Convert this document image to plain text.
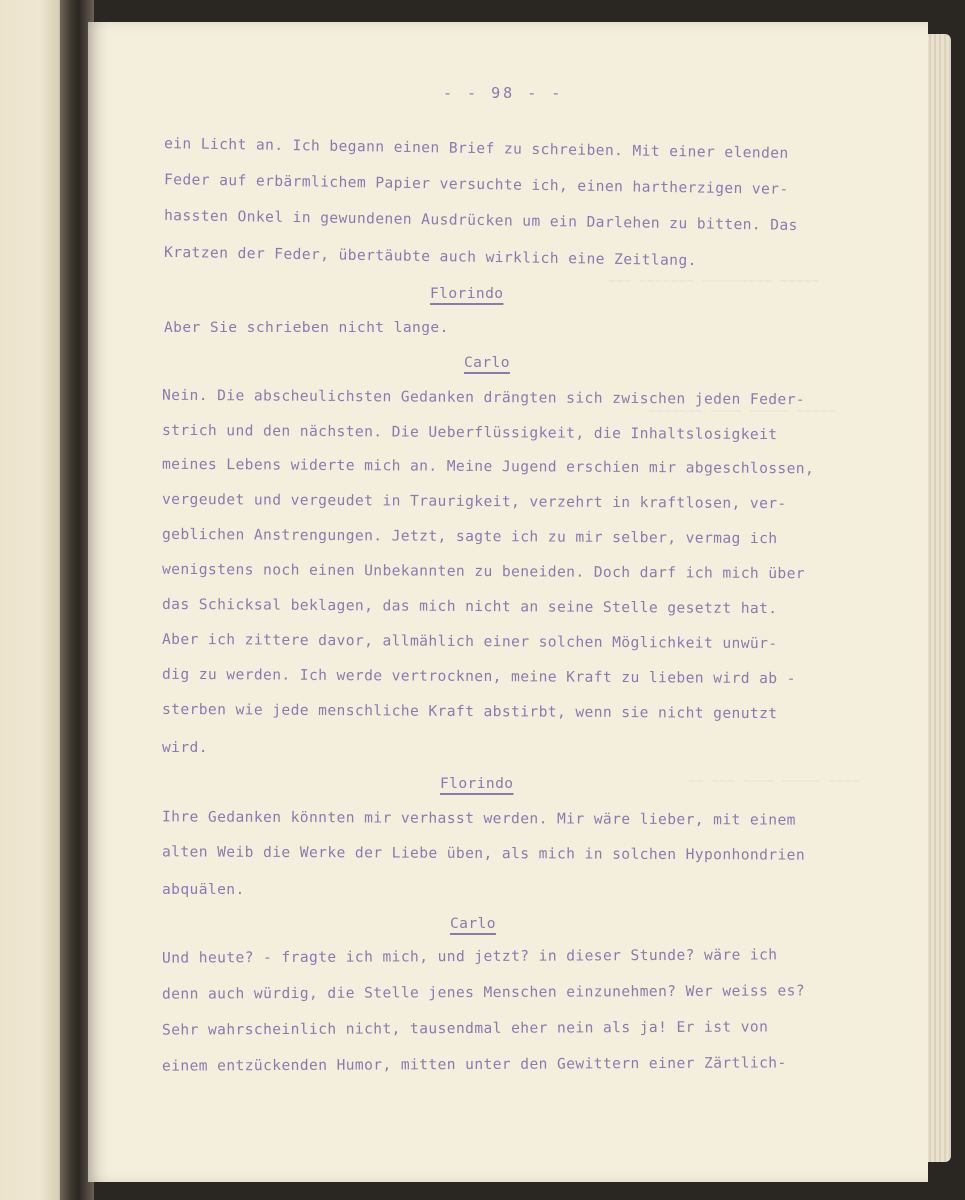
~~~ ~~~~~~~ ~~~~~~~~~ ~~~~~
~~~~~~~ ~~~~ ~~~~~ ~~~~~
~~ ~~~ ~~~~ ~~~~~ ~~~~
- - 98 - -
ein Licht an. Ich begann einen Brief zu schreiben. Mit einer elenden
Feder auf erbärmlichem Papier versuchte ich, einen hartherzigen ver-
hassten Onkel in gewundenen Ausdrücken um ein Darlehen zu bitten. Das
Kratzen der Feder, übertäubte auch wirklich eine Zeitlang.
Florindo
Aber Sie schrieben nicht lange.
Carlo
Nein. Die abscheulichsten Gedanken drängten sich zwischen jeden Feder-
strich und den nächsten. Die Ueberflüssigkeit, die Inhaltslosigkeit
meines Lebens widerte mich an. Meine Jugend erschien mir abgeschlossen,
vergeudet und vergeudet in Traurigkeit, verzehrt in kraftlosen, ver-
geblichen Anstrengungen. Jetzt, sagte ich zu mir selber, vermag ich
wenigstens noch einen Unbekannten zu beneiden. Doch darf ich mich über
das Schicksal beklagen, das mich nicht an seine Stelle gesetzt hat.
Aber ich zittere davor, allmählich einer solchen Möglichkeit unwür-
dig zu werden. Ich werde vertrocknen, meine Kraft zu lieben wird ab -
sterben wie jede menschliche Kraft abstirbt, wenn sie nicht genutzt
wird.
Florindo
Ihre Gedanken könnten mir verhasst werden. Mir wäre lieber, mit einem
alten Weib die Werke der Liebe üben, als mich in solchen Hyponhondrien
abquälen.
Carlo
Und heute? - fragte ich mich, und jetzt? in dieser Stunde? wäre ich
denn auch würdig, die Stelle jenes Menschen einzunehmen? Wer weiss es?
Sehr wahrscheinlich nicht, tausendmal eher nein als ja! Er ist von
einem entzückenden Humor, mitten unter den Gewittern einer Zärtlich-
